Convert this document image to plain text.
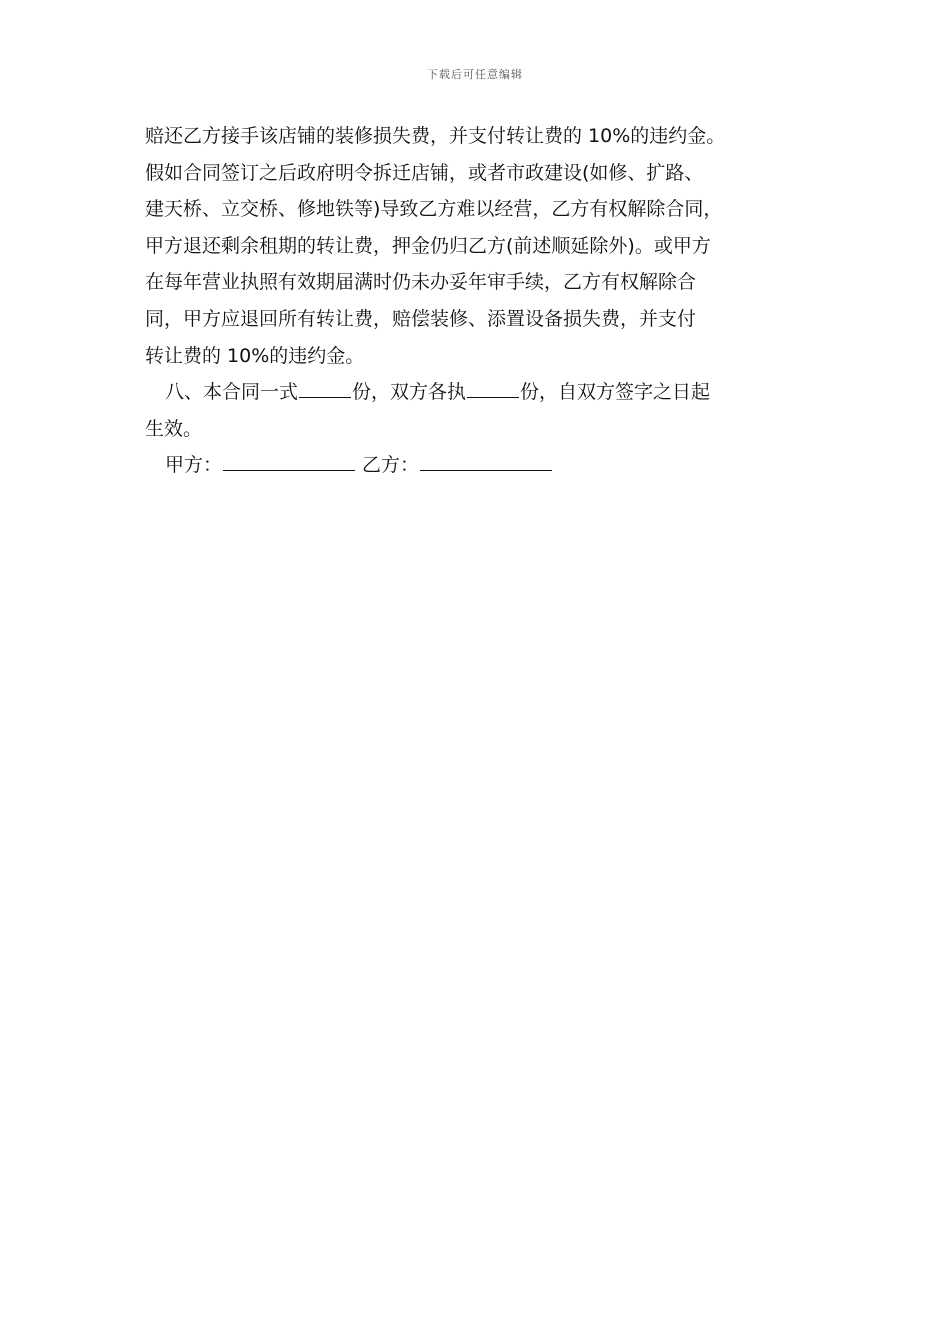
下载后可任意编辑
赔还乙方接手该店铺的装修损失费，并支付转让费的 10%的违约金。
假如合同签订之后政府明令拆迁店铺，或者市政建设(如修、扩路、
建天桥、立交桥、修地铁等)导致乙方难以经营，乙方有权解除合同，
甲方退还剩余租期的转让费，押金仍归乙方(前述顺延除外)。或甲方
在每年营业执照有效期届满时仍未办妥年审手续，乙方有权解除合
同，甲方应退回所有转让费，赔偿装修、添置设备损失费，并支付
转让费的 10%的违约金。
八、本合同一式	份，双方各执	份，自双方签字之日起
生效。
甲方：	乙方：
